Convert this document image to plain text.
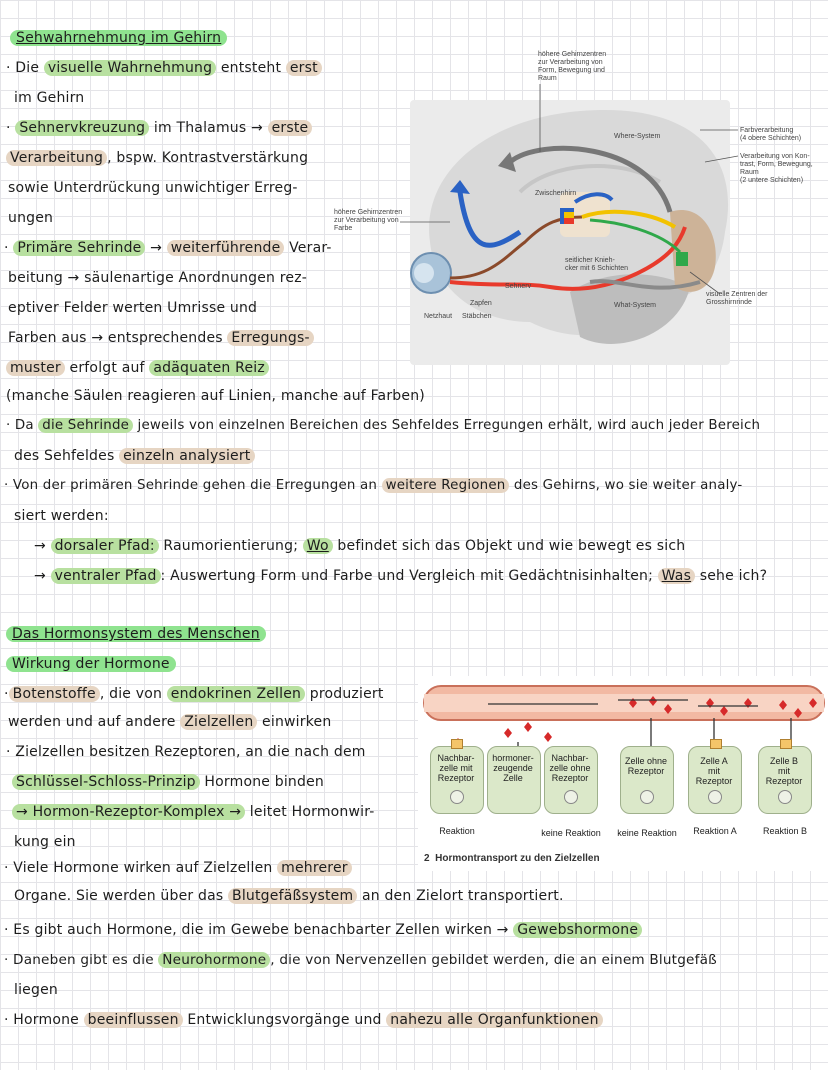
Sehwahrnehmung im Gehirn
· Die visuelle Wahrnehmung entsteht erst
im Gehirn
· Sehnervkreuzung im Thalamus → erste
Verarbeitung , bspw. Kontrastverstärkung
sowie Unterdrückung unwichtiger Erreg-
ungen
· Primäre Sehrinde → weiterführende Verar-
beitung → säulenartige Anordnungen rez-
eptiver Felder werten Umrisse und
Farben aus → entsprechendes Erregungs-
muster erfolgt auf adäquaten Reiz
(manche Säulen reagieren auf Linien, manche auf Farben)
· Da die Sehrinde jeweils von einzelnen Bereichen des Sehfeldes Erregungen erhält, wird auch jeder Bereich
des Sehfeldes einzeln analysiert
· Von der primären Sehrinde gehen die Erregungen an weitere Regionen des Gehirns, wo sie weiter analy-
siert werden:
→ dorsaler Pfad: Raumorientierung; Wo befindet sich das Objekt und wie bewegt es sich
→ ventraler Pfad : Auswertung Form und Farbe und Vergleich mit Gedächtnisinhalten; Was sehe ich?
höhere Gehirnzentren zur Verarbeitung von Form, Bewegung und Raum
höhere Gehirnzentren zur Verarbeitung von Farbe
Where-System
What-System
Zwischenhirn
seitlicher Knieh-cker mit 6 Schichten
Sehnerv
Zapfen
Netzhaut Stäbchen
Farbverarbeitung (4 obere Schichten)
Verarbeitung von Kon-trast, Form, Bewegung, Raum (2 untere Schichten)
visuelle Zentren der Grosshirnrinde
Das Hormonsystem des Menschen
Wirkung der Hormone
· Botenstoffe , die von endokrinen Zellen produziert
werden und auf andere Zielzellen einwirken
· Zielzellen besitzen Rezeptoren, an die nach dem
Schlüssel-Schloss-Prinzip Hormone binden
→ Hormon-Rezeptor-Komplex → leitet Hormonwir-
kung ein
· Viele Hormone wirken auf Zielzellen mehrerer
Organe. Sie werden über das Blutgefäßsystem an den Zielort transportiert.
· Es gibt auch Hormone, die im Gewebe benachbarter Zellen wirken → Gewebshormone
· Daneben gibt es die Neurohormone , die von Nervenzellen gebildet werden, die an einem Blutgefäß
liegen
· Hormone beeinflussen Entwicklungsvorgänge und nahezu alle Organfunktionen
Nachbar-
zelle mit
Rezeptor
hormoner-
zeugende
Zelle
Nachbar-
zelle ohne
Rezeptor
Zelle ohne
Rezeptor
Zelle A
mit
Rezeptor
Zelle B
mit
Rezeptor
Reaktion	keine Reaktion	keine Reaktion	Reaktion A	Reaktion B
2 Hormontransport zu den Zielzellen
